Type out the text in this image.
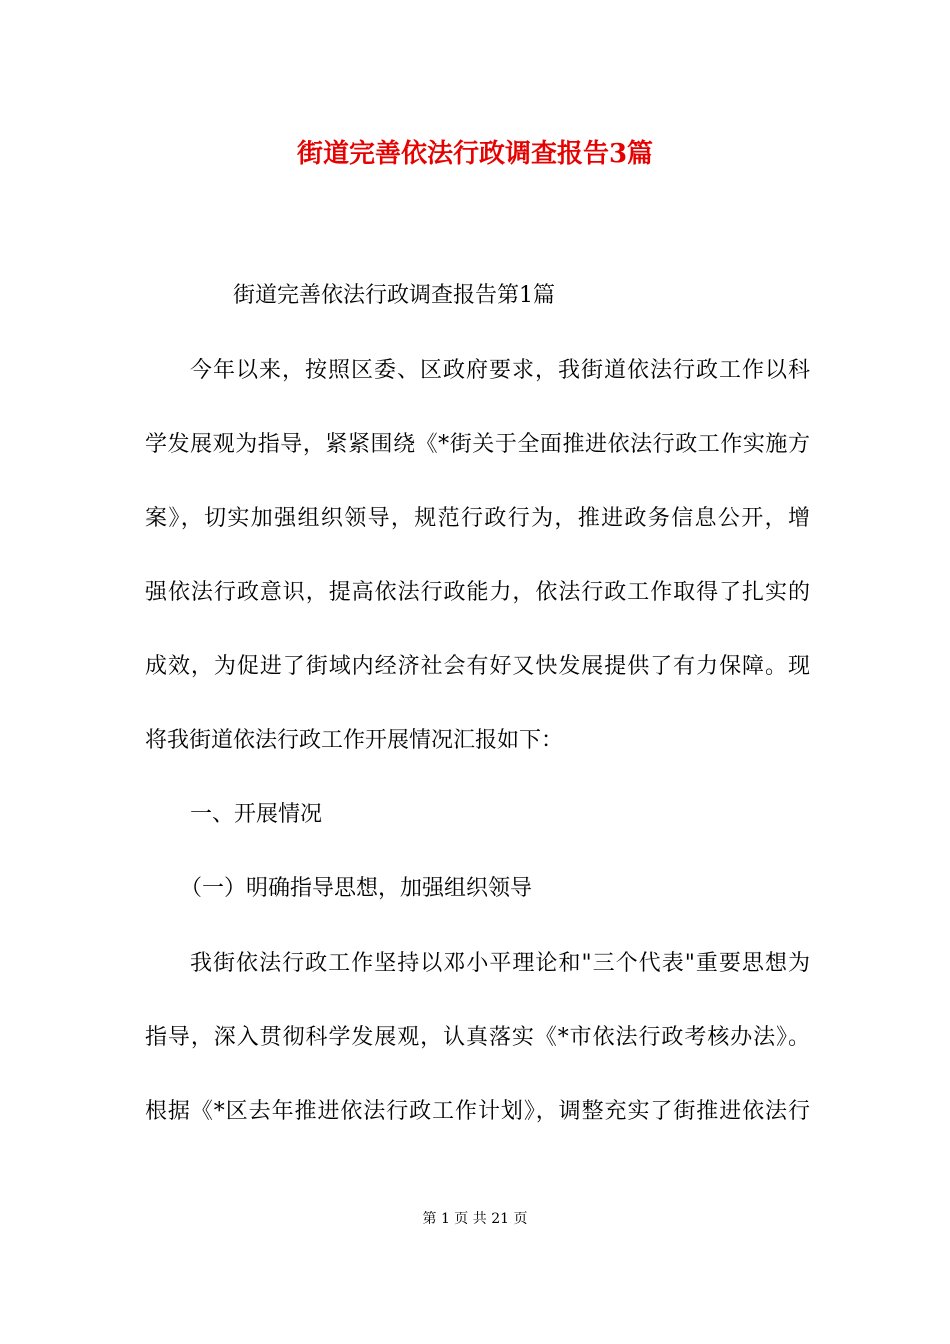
街道完善依法行政调查报告3篇
街道完善依法行政调查报告第1篇
今年以来，按照区委、区政府要求，我街道依法行政工作以科
学发展观为指导，紧紧围绕《*街关于全面推进依法行政工作实施方
案》，切实加强组织领导，规范行政行为，推进政务信息公开，增
强依法行政意识，提高依法行政能力，依法行政工作取得了扎实的
成效，为促进了街域内经济社会有好又快发展提供了有力保障。现
将我街道依法行政工作开展情况汇报如下：
一、开展情况
（一）明确指导思想，加强组织领导
我街依法行政工作坚持以邓小平理论和"三个代表"重要思想为
指导，深入贯彻科学发展观，认真落实《*市依法行政考核办法》。
根据《*区去年推进依法行政工作计划》，调整充实了街推进依法行
第 1 页 共 21 页
